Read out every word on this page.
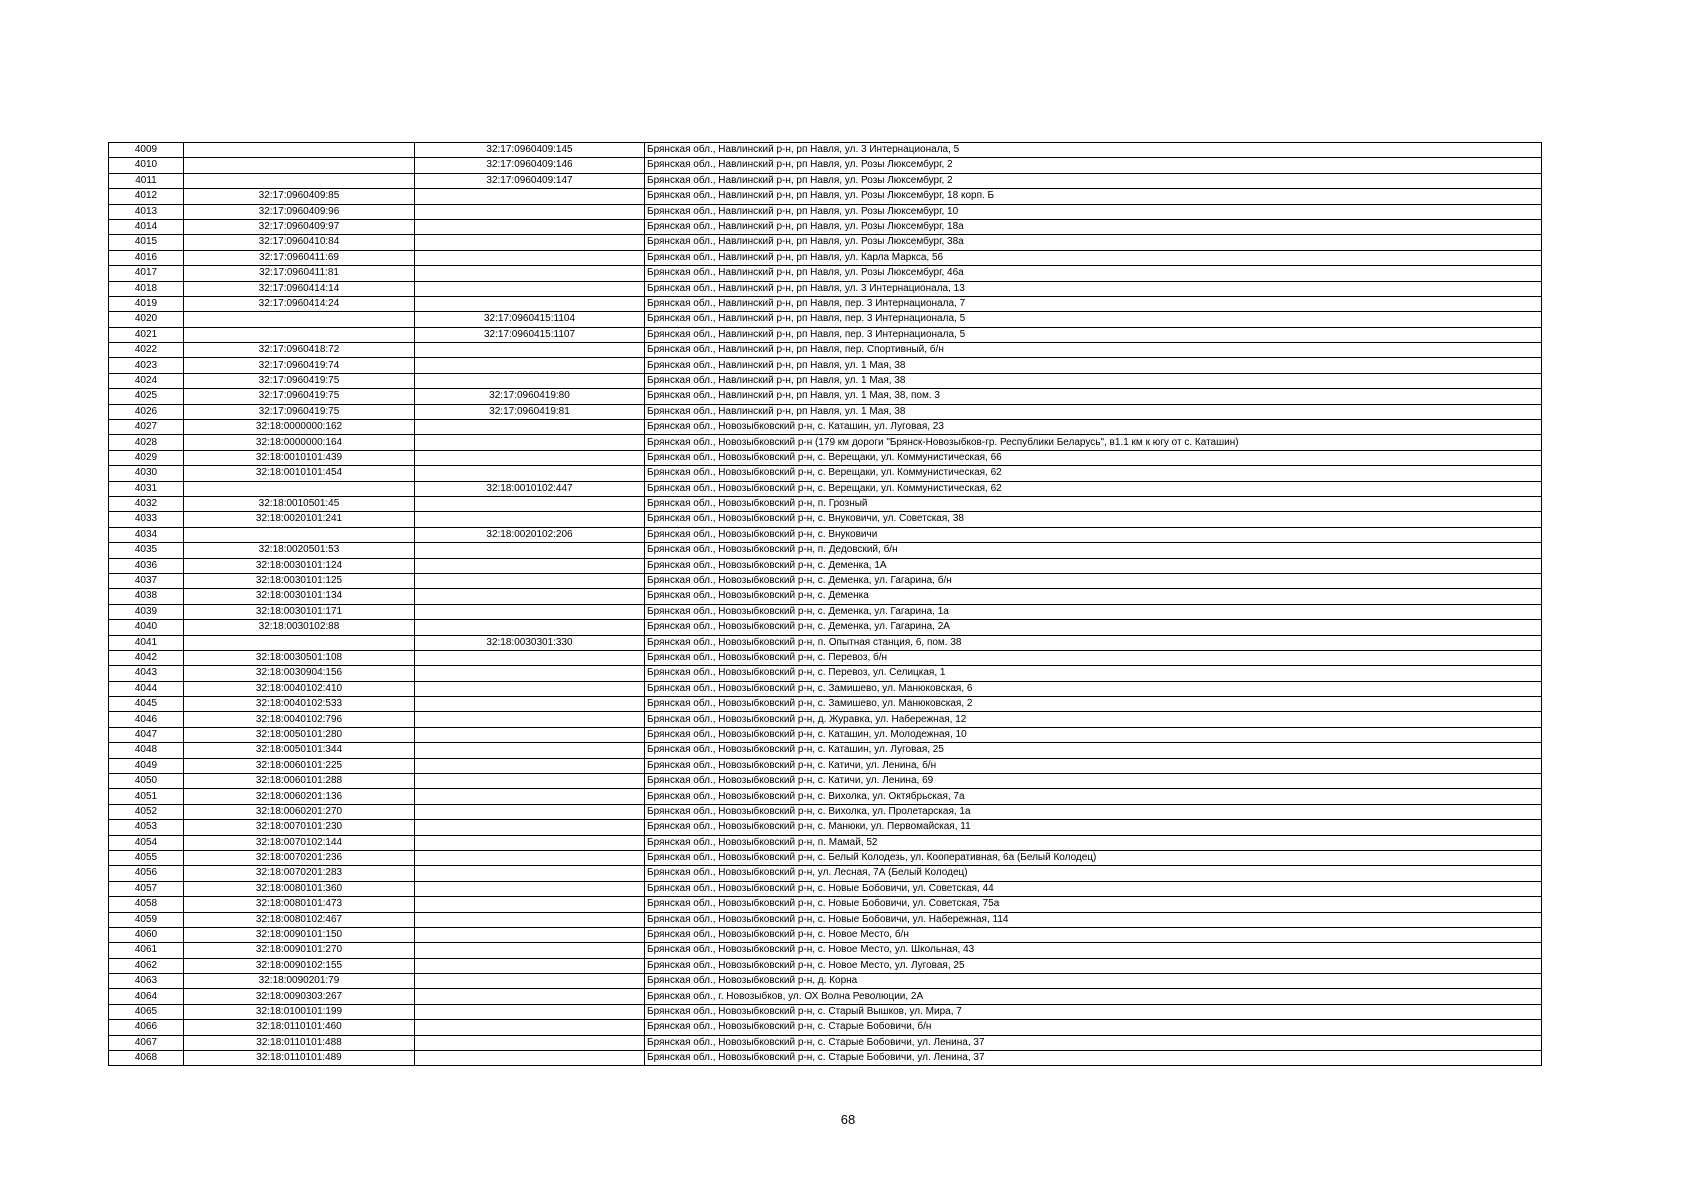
4009		32:17:0960409:145	Брянская обл., Навлинский р-н, рп Навля, ул. 3 Интернационала, 5
4010		32:17:0960409:146	Брянская обл., Навлинский р-н, рп Навля, ул. Розы Люксембург, 2
4011		32:17:0960409:147	Брянская обл., Навлинский р-н, рп Навля, ул. Розы Люксембург, 2
4012	32:17:0960409:85		Брянская обл., Навлинский р-н, рп Навля, ул. Розы Люксембург, 18 корп. Б
4013	32:17:0960409:96		Брянская обл., Навлинский р-н, рп Навля, ул. Розы Люксембург, 10
4014	32:17:0960409:97		Брянская обл., Навлинский р-н, рп Навля, ул. Розы Люксембург, 18а
4015	32:17:0960410:84		Брянская обл., Навлинский р-н, рп Навля, ул. Розы Люксембург, 38а
4016	32:17:0960411:69		Брянская обл., Навлинский р-н, рп Навля, ул. Карла Маркса, 56
4017	32:17:0960411:81		Брянская обл., Навлинский р-н, рп Навля, ул. Розы Люксембург, 46а
4018	32:17:0960414:14		Брянская обл., Навлинский р-н, рп Навля, ул. 3 Интернационала, 13
4019	32:17:0960414:24		Брянская обл., Навлинский р-н, рп Навля, пер. 3 Интернационала, 7
4020		32:17:0960415:1104	Брянская обл., Навлинский р-н, рп Навля, пер. 3 Интернационала, 5
4021		32:17:0960415:1107	Брянская обл., Навлинский р-н, рп Навля, пер. 3 Интернационала, 5
4022	32:17:0960418:72		Брянская обл., Навлинский р-н, рп Навля, пер. Спортивный, б/н
4023	32:17:0960419:74		Брянская обл., Навлинский р-н, рп Навля, ул. 1 Мая, 38
4024	32:17:0960419:75		Брянская обл., Навлинский р-н, рп Навля, ул. 1 Мая, 38
4025	32:17:0960419:75	32:17:0960419:80	Брянская обл., Навлинский р-н, рп Навля, ул. 1 Мая, 38, пом. 3
4026	32:17:0960419:75	32:17:0960419:81	Брянская обл., Навлинский р-н, рп Навля, ул. 1 Мая, 38
4027	32:18:0000000:162		Брянская обл., Новозыбковский р-н, с. Каташин, ул. Луговая, 23
4028	32:18:0000000:164		Брянская обл., Новозыбковский р-н (179 км дороги "Брянск-Новозыбков-гр. Республики Беларусь", в1.1 км к югу от с. Каташин)
4029	32:18:0010101:439		Брянская обл., Новозыбковский р-н, с. Верещаки, ул. Коммунистическая, 66
4030	32:18:0010101:454		Брянская обл., Новозыбковский р-н, с. Верещаки, ул. Коммунистическая, 62
4031		32:18:0010102:447	Брянская обл., Новозыбковский р-н, с. Верещаки, ул. Коммунистическая, 62
4032	32:18:0010501:45		Брянская обл., Новозыбковский р-н, п. Грозный
4033	32:18:0020101:241		Брянская обл., Новозыбковский р-н, с. Внуковичи, ул. Советская, 38
4034		32:18:0020102:206	Брянская обл., Новозыбковский р-н, с. Внуковичи
4035	32:18:0020501:53		Брянская обл., Новозыбковский р-н, п. Дедовский, б/н
4036	32:18:0030101:124		Брянская обл., Новозыбковский р-н, с. Деменка, 1А
4037	32:18:0030101:125		Брянская обл., Новозыбковский р-н, с. Деменка, ул. Гагарина, б/н
4038	32:18:0030101:134		Брянская обл., Новозыбковский р-н, с. Деменка
4039	32:18:0030101:171		Брянская обл., Новозыбковский р-н, с. Деменка, ул. Гагарина, 1а
4040	32:18:0030102:88		Брянская обл., Новозыбковский р-н, с. Деменка, ул. Гагарина, 2А
4041		32:18:0030301:330	Брянская обл., Новозыбковский р-н, п. Опытная станция, 6, пом. 38
4042	32:18:0030501:108		Брянская обл., Новозыбковский р-н, с. Перевоз, б/н
4043	32:18:0030904:156		Брянская обл., Новозыбковский р-н, с. Перевоз, ул. Селицкая, 1
4044	32:18:0040102:410		Брянская обл., Новозыбковский р-н, с. Замишево, ул. Манюковская, 6
4045	32:18:0040102:533		Брянская обл., Новозыбковский р-н, с. Замишево, ул. Манюковская, 2
4046	32:18:0040102:796		Брянская обл., Новозыбковский р-н, д. Журавка, ул. Набережная, 12
4047	32:18:0050101:280		Брянская обл., Новозыбковский р-н, с. Каташин, ул. Молодежная, 10
4048	32:18:0050101:344		Брянская обл., Новозыбковский р-н, с. Каташин, ул. Луговая, 25
4049	32:18:0060101:225		Брянская обл., Новозыбковский р-н, с. Катичи, ул. Ленина, б/н
4050	32:18:0060101:288		Брянская обл., Новозыбковский р-н, с. Катичи, ул. Ленина, 69
4051	32:18:0060201:136		Брянская обл., Новозыбковский р-н, с. Вихолка, ул. Октябрьская, 7а
4052	32:18:0060201:270		Брянская обл., Новозыбковский р-н, с. Вихолка, ул. Пролетарская, 1а
4053	32:18:0070101:230		Брянская обл., Новозыбковский р-н, с. Манюки, ул. Первомайская, 11
4054	32:18:0070102:144		Брянская обл., Новозыбковский р-н, п. Мамай, 52
4055	32:18:0070201:236		Брянская обл., Новозыбковский р-н, с. Белый Колодезь, ул. Кооперативная, 6а (Белый Колодец)
4056	32:18:0070201:283		Брянская обл., Новозыбковский р-н, ул. Лесная, 7А (Белый Колодец)
4057	32:18:0080101:360		Брянская обл., Новозыбковский р-н, с. Новые Бобовичи, ул. Советская, 44
4058	32:18:0080101:473		Брянская обл., Новозыбковский р-н, с. Новые Бобовичи, ул. Советская, 75а
4059	32:18:0080102:467		Брянская обл., Новозыбковский р-н, с. Новые Бобовичи, ул. Набережная, 114
4060	32:18:0090101:150		Брянская обл., Новозыбковский р-н, с. Новое Место, б/н
4061	32:18:0090101:270		Брянская обл., Новозыбковский р-н, с. Новое Место, ул. Школьная, 43
4062	32:18:0090102:155		Брянская обл., Новозыбковский р-н, с. Новое Место, ул. Луговая, 25
4063	32:18:0090201:79		Брянская обл., Новозыбковский р-н, д. Корна
4064	32:18:0090303:267		Брянская обл., г. Новозыбков, ул. ОХ Волна Революции, 2А
4065	32:18:0100101:199		Брянская обл., Новозыбковский р-н, с. Старый Вышков, ул. Мира, 7
4066	32:18:0110101:460		Брянская обл., Новозыбковский р-н, с. Старые Бобовичи, б/н
4067	32:18:0110101:488		Брянская обл., Новозыбковский р-н, с. Старые Бобовичи, ул. Ленина, 37
4068	32:18:0110101:489		Брянская обл., Новозыбковский р-н, с. Старые Бобовичи, ул. Ленина, 37
68
